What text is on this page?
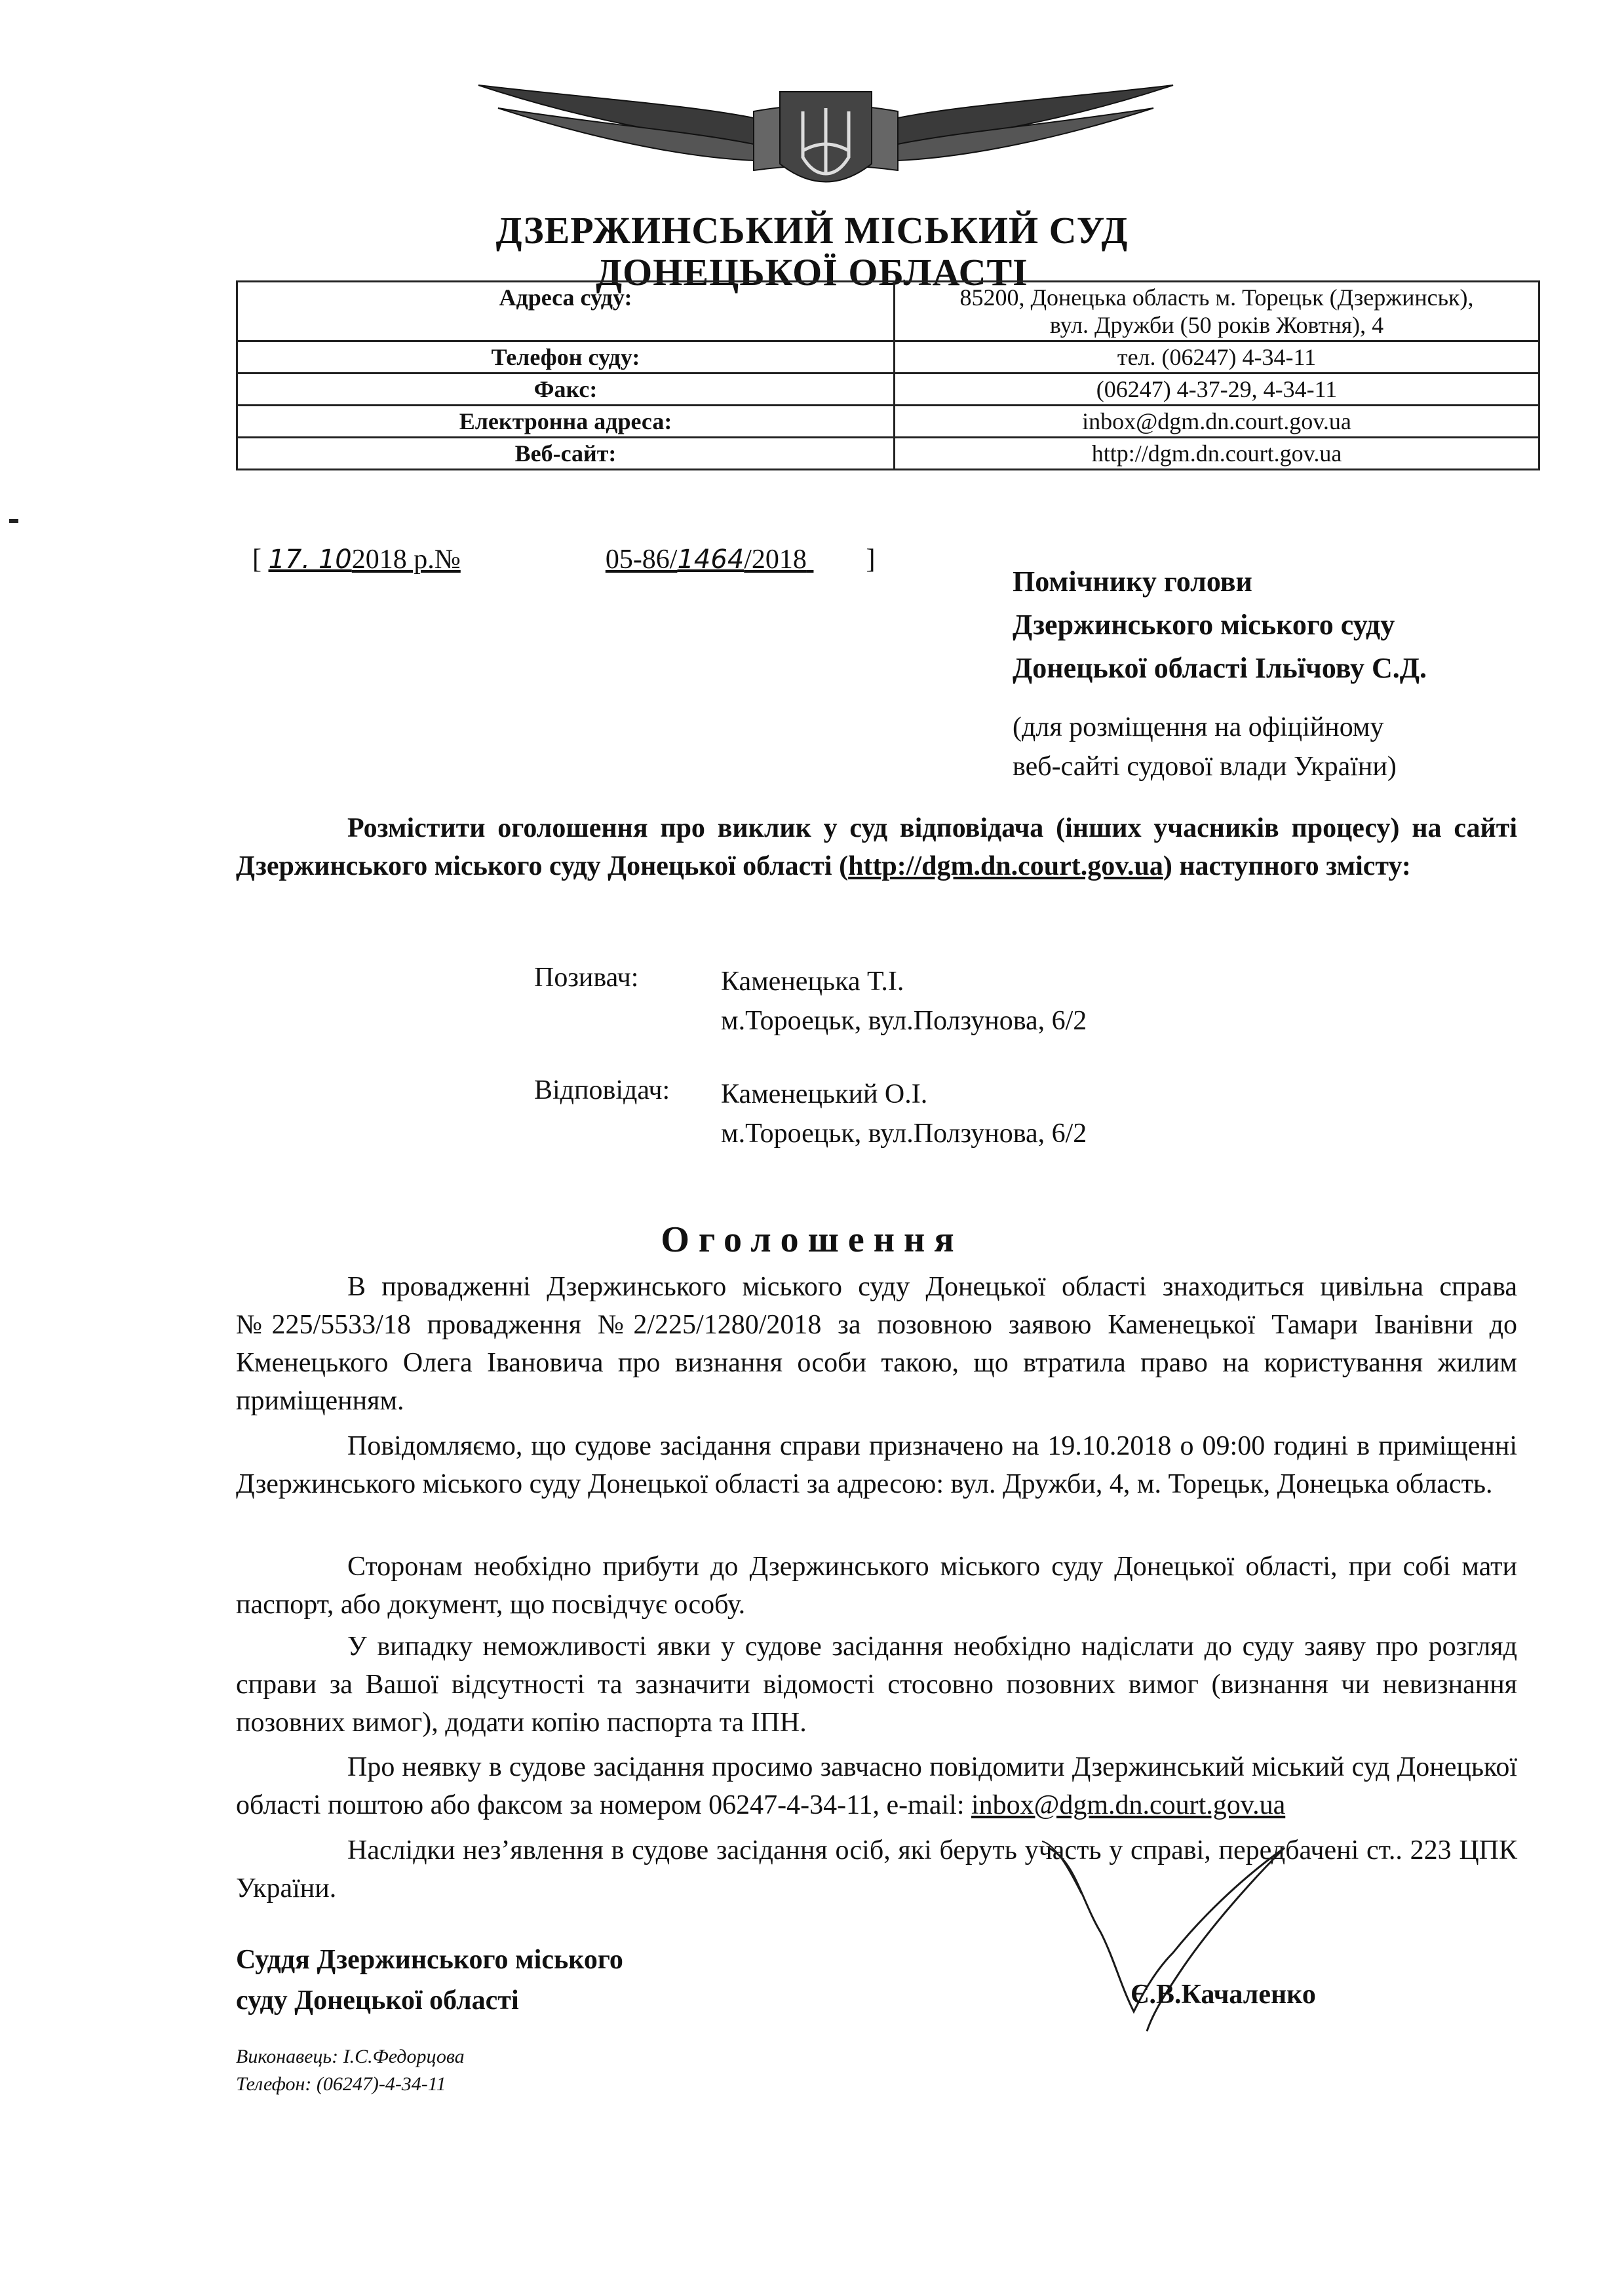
ДЗЕРЖИНСЬКИЙ МІСЬКИЙ СУД
ДОНЕЦЬКОЇ ОБЛАСТІ
Адреса суду:	85200, Донецька область м. Торецьк (Дзержинськ),
вул. Дружби (50 років Жовтня), 4

Телефон суду:	тел. (06247) 4-34-11
Факс:	(06247) 4-37-29, 4-34-11
Електронна адреса:	inbox@dgm.dn.court.gov.ua
Веб-сайт:	http://dgm.dn.court.gov.ua
[ 17. 102018 р.№	05-86/1464/2018 ]
Помічнику голови
Дзержинського міського суду
Донецької області Ільїчову С.Д.
(для розміщення на офіційному
веб-сайті судової влади України)
Розмістити оголошення про виклик у суд відповідача (інших учасників процесу) на сайті Дзержинського міського суду Донецької області (http://dgm.dn.court.gov.ua) наступного змісту:
Позивач:	Каменецька Т.І.
м.Тороецьк, вул.Ползунова, 6/2
Відповідач: Каменецький О.І.
м.Тороецьк, вул.Ползунова, 6/2
Оголошення
В провадженні Дзержинського міського суду Донецької області знаходиться цивільна справа №225/5533/18 провадження №2/225/1280/2018 за позовною заявою Каменецької Тамари Іванівни до Кменецького Олега Івановича про визнання особи такою, що втратила право на користування жилим приміщенням.
Повідомляємо, що судове засідання справи призначено на 19.10.2018 о 09:00 годині в приміщенні Дзержинського міського суду Донецької області за адресою: вул. Дружби, 4, м. Торецьк, Донецька область.
Сторонам необхідно прибути до Дзержинського міського суду Донецької області, при собі мати паспорт, або документ, що посвідчує особу.
У випадку неможливості явки у судове засідання необхідно надіслати до суду заяву про розгляд справи за Вашої відсутності та зазначити відомості стосовно позовних вимог (визнання чи невизнання позовних вимог), додати копію паспорта та ІПН.
Про неявку в судове засідання просимо завчасно повідомити Дзержинський міський суд Донецької області поштою або факсом за номером 06247-4-34-11, e-mail: inbox@dgm.dn.court.gov.ua
Наслідки нез’явлення в судове засідання осіб, які беруть участь у справі, передбачені ст.. 223 ЦПК України.
Суддя Дзержинського міського
суду Донецької області	Є.В.Качаленко
Виконавець: І.С.Федорцова
Телефон: (06247)-4-34-11
